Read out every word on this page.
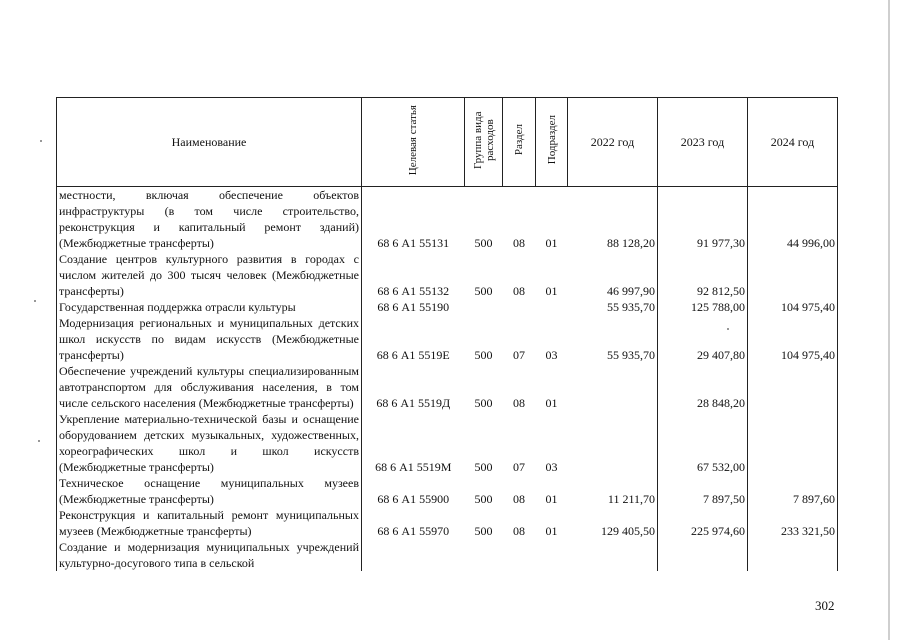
Наименование	Целевая статья	Группа вида расходов	Раздел	Подраздел	2022 год	2023 год	2024 год
местности, включая обеспечение объектов инфраструктуры (в том числе строительство, реконструкция и капитальный ремонт зданий) (Межбюджетные трансферты)	68 6 А1 55131	500	08	01	88 128,20	91 977,30	44 996,00
Создание центров культурного развития в городах с числом жителей до 300 тысяч человек (Межбюджетные трансферты)	68 6 А1 55132	500	08	01	46 997,90	92 812,50	
Государственная поддержка отрасли культуры	68 6 А1 55190				55 935,70	125 788,00	104 975,40
Модернизация региональных и муниципальных детских школ искусств по видам искусств (Межбюджетные трансферты)	68 6 А1 5519Е	500	07	03	55 935,70	29 407,80	104 975,40
Обеспечение учреждений культуры специализированным автотранспортом для обслуживания населения, в том числе сельского населения (Межбюджетные трансферты)	68 6 А1 5519Д	500	08	01		28 848,20	
Укрепление материально-технической базы и оснащение оборудованием детских музыкальных, художественных, хореографических школ и школ искусств (Межбюджетные трансферты)	68 6 А1 5519М	500	07	03		67 532,00	
Техническое оснащение муниципальных музеев (Межбюджетные трансферты)	68 6 А1 55900	500	08	01	11 211,70	7 897,50	7 897,60
Реконструкция и капитальный ремонт муниципальных музеев (Межбюджетные трансферты)	68 6 А1 55970	500	08	01	129 405,50	225 974,60	233 321,50
Создание и модернизация муниципальных учреждений культурно-досугового типа в сельской							
302
